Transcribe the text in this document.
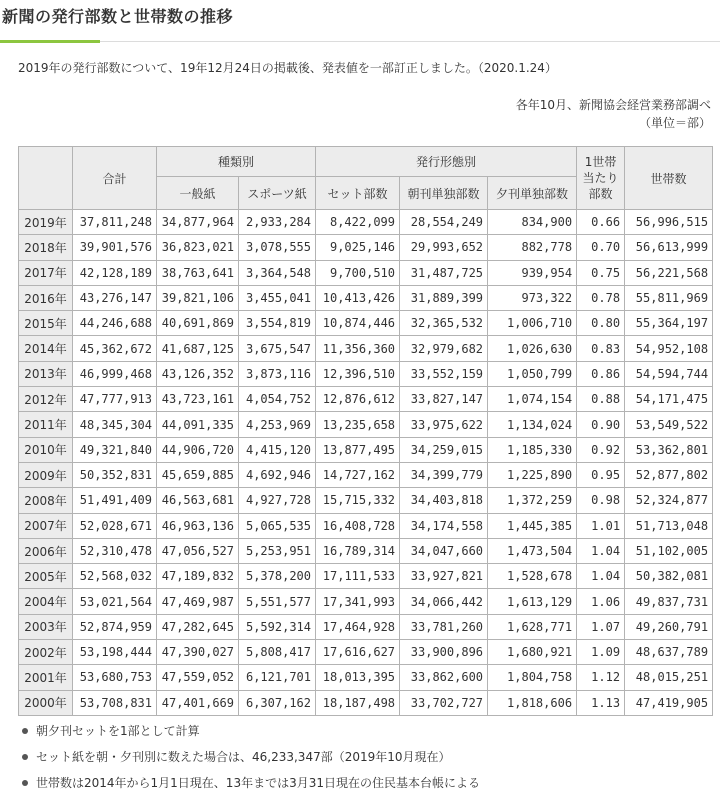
新聞の発行部数と世帯数の推移

2019年の発行部数について、19年12月24日の掲載後、発表値を一部訂正しました。（2020.1.24）

各年10月、新聞協会経営業務部調べ
（単位＝部）
	合計	種類別		発行形態別			1世帯当たり部数	世帯数
		一般紙	スポーツ紙	セット部数	朝刊単独部数	夕刊単独部数		
2019年	37,811,248	34,877,964	2,933,284	8,422,099	28,554,249	834,900	0.66	56,996,515
2018年	39,901,576	36,823,021	3,078,555	9,025,146	29,993,652	882,778	0.70	56,613,999
2017年	42,128,189	38,763,641	3,364,548	9,700,510	31,487,725	939,954	0.75	56,221,568
2016年	43,276,147	39,821,106	3,455,041	10,413,426	31,889,399	973,322	0.78	55,811,969
2015年	44,246,688	40,691,869	3,554,819	10,874,446	32,365,532	1,006,710	0.80	55,364,197
2014年	45,362,672	41,687,125	3,675,547	11,356,360	32,979,682	1,026,630	0.83	54,952,108
2013年	46,999,468	43,126,352	3,873,116	12,396,510	33,552,159	1,050,799	0.86	54,594,744
2012年	47,777,913	43,723,161	4,054,752	12,876,612	33,827,147	1,074,154	0.88	54,171,475
2011年	48,345,304	44,091,335	4,253,969	13,235,658	33,975,622	1,134,024	0.90	53,549,522
2010年	49,321,840	44,906,720	4,415,120	13,877,495	34,259,015	1,185,330	0.92	53,362,801
2009年	50,352,831	45,659,885	4,692,946	14,727,162	34,399,779	1,225,890	0.95	52,877,802
2008年	51,491,409	46,563,681	4,927,728	15,715,332	34,403,818	1,372,259	0.98	52,324,877
2007年	52,028,671	46,963,136	5,065,535	16,408,728	34,174,558	1,445,385	1.01	51,713,048
2006年	52,310,478	47,056,527	5,253,951	16,789,314	34,047,660	1,473,504	1.04	51,102,005
2005年	52,568,032	47,189,832	5,378,200	17,111,533	33,927,821	1,528,678	1.04	50,382,081
2004年	53,021,564	47,469,987	5,551,577	17,341,993	34,066,442	1,613,129	1.06	49,837,731
2003年	52,874,959	47,282,645	5,592,314	17,464,928	33,781,260	1,628,771	1.07	49,260,791
2002年	53,198,444	47,390,027	5,808,417	17,616,627	33,900,896	1,680,921	1.09	48,637,789
2001年	53,680,753	47,559,052	6,121,701	18,013,395	33,862,600	1,804,758	1.12	48,015,251
2000年	53,708,831	47,401,669	6,307,162	18,187,498	33,702,727	1,818,606	1.13	47,419,905
朝夕刊セットを1部として計算
セット紙を朝・夕刊別に数えた場合は、46,233,347部（2019年10月現在）
世帯数は2014年から1月1日現在、13年までは3月31日現在の住民基本台帳による
